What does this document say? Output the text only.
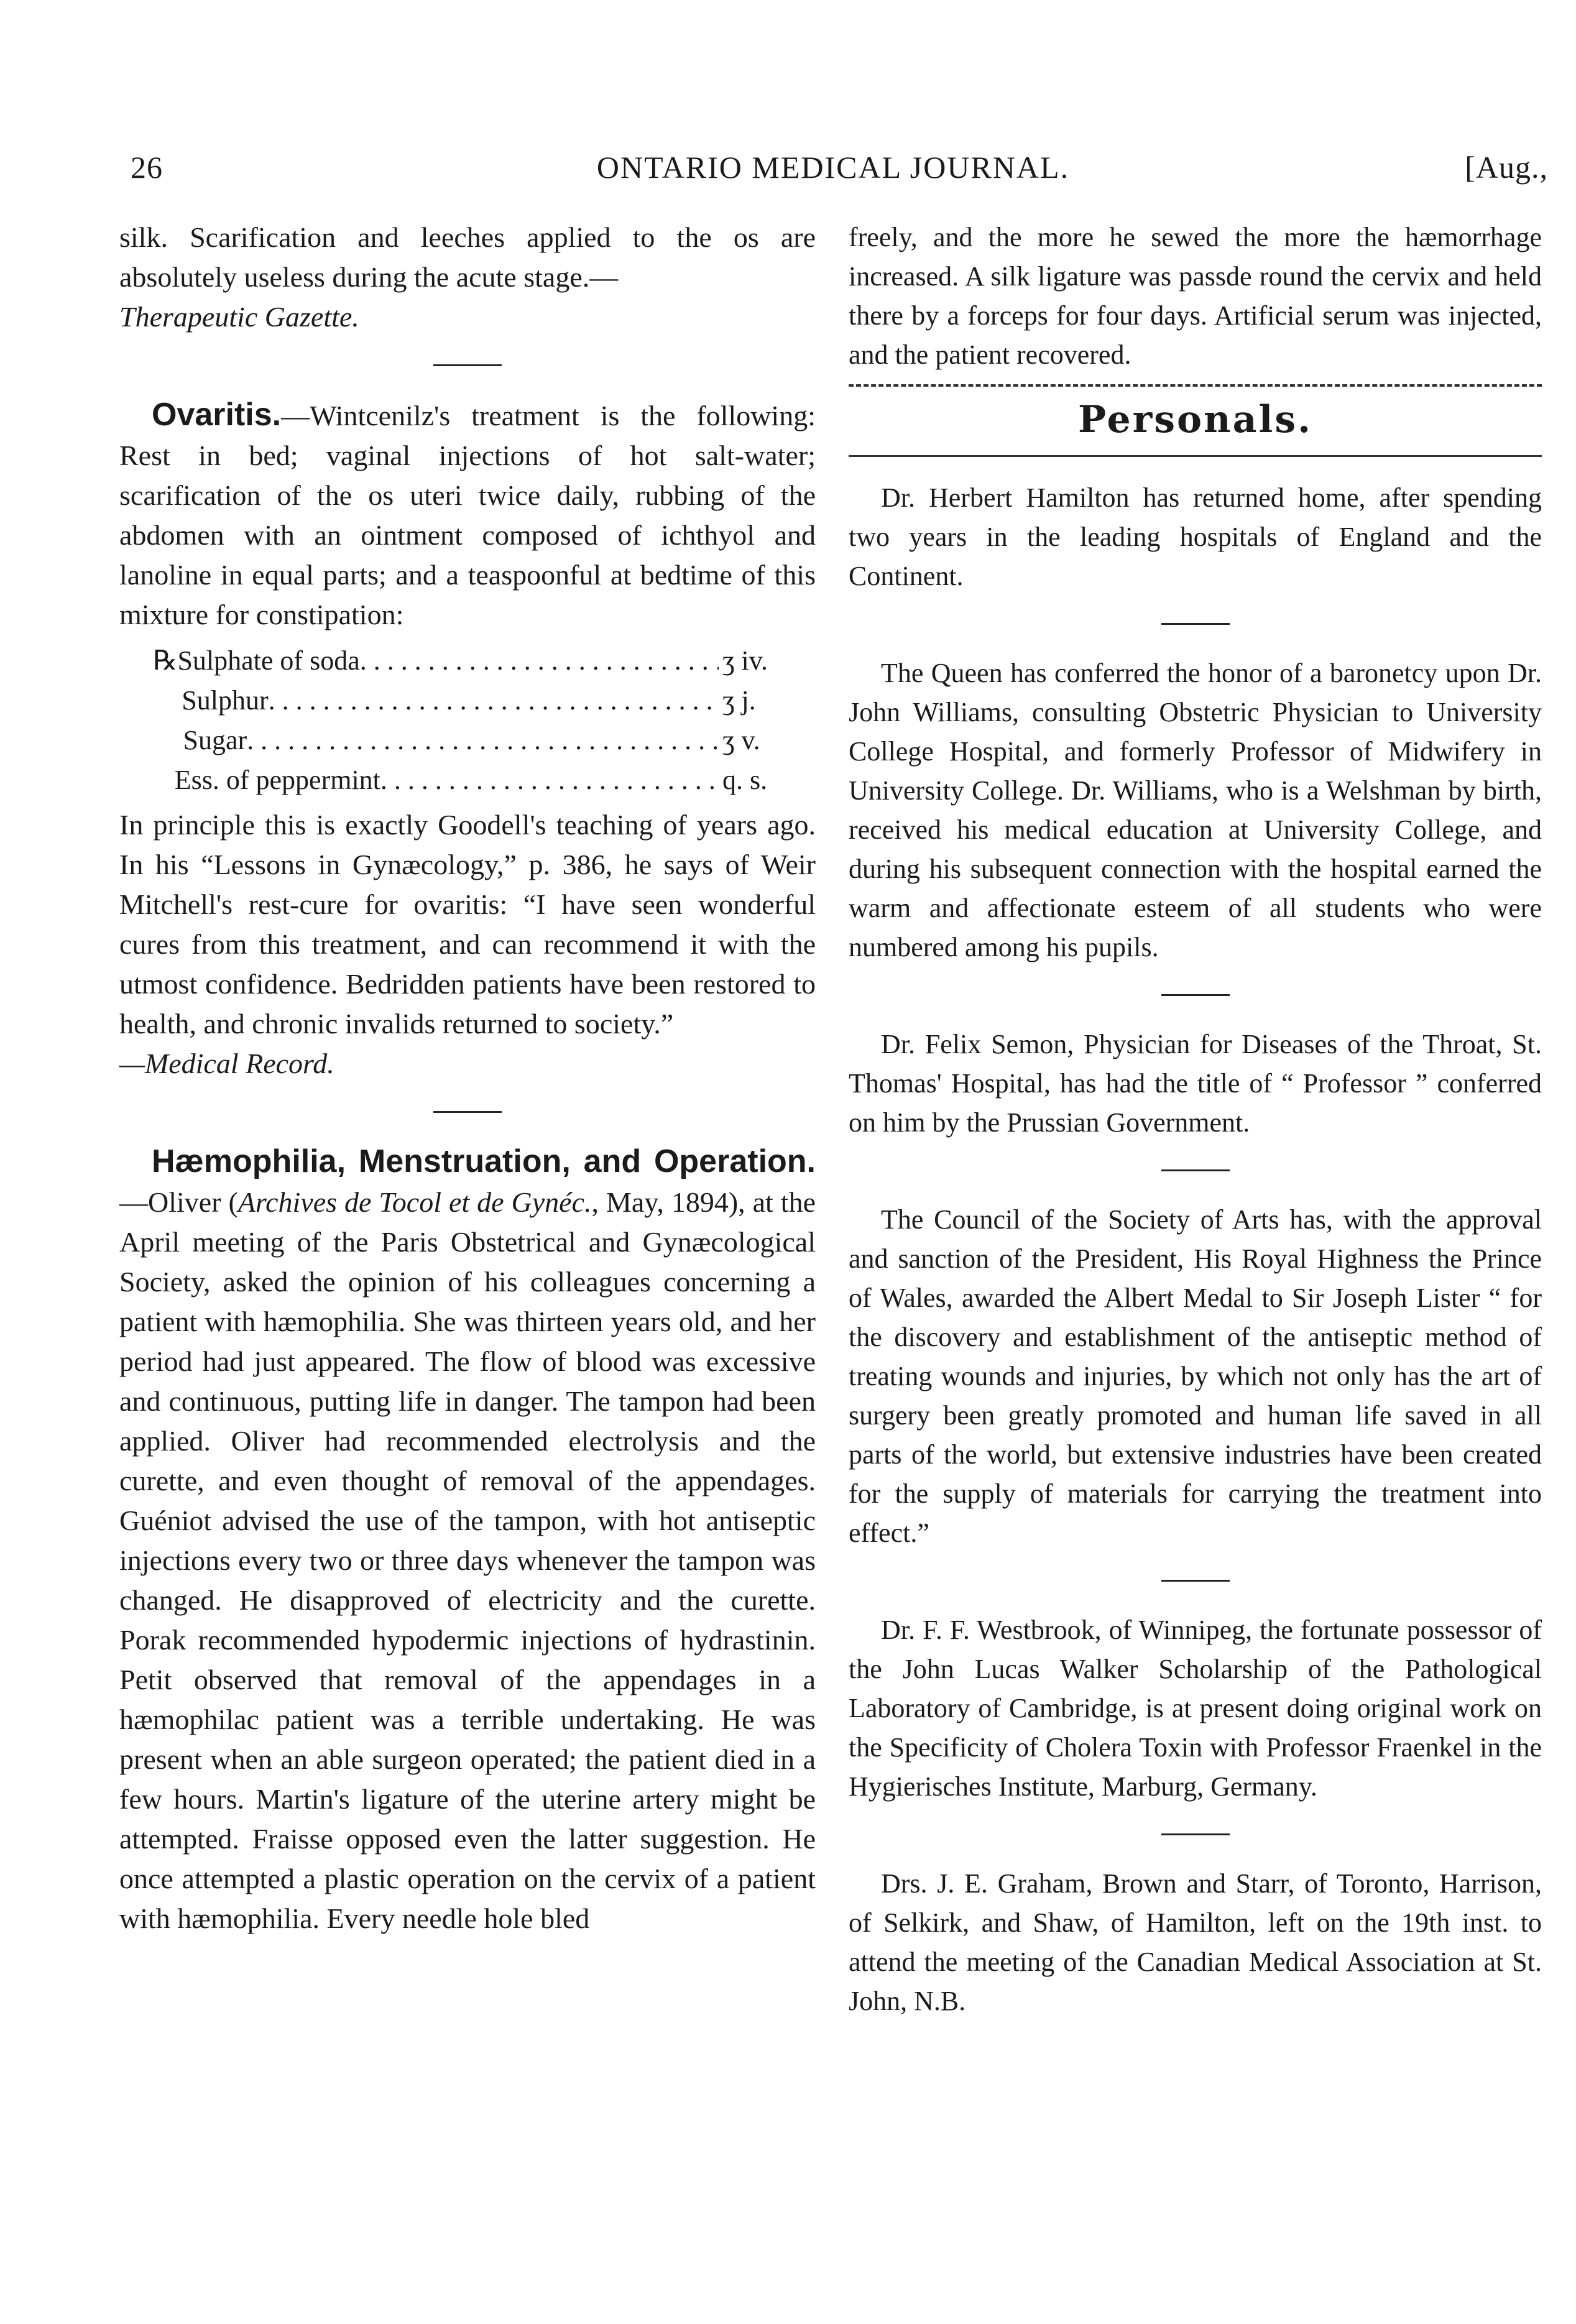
26	ONTARIO MEDICAL JOURNAL.	[Aug.,

silk. Scarification and leeches applied to the os are absolutely useless during the acute stage.—
Therapeutic Gazette.

Ovaritis.—Wintcenilz's treatment is the following: Rest in bed; vaginal injections of hot salt-water; scarification of the os uteri twice daily, rubbing of the abdomen with an ointment composed of ichthyol and lanoline in equal parts; and a teaspoonful at bedtime of this mixture for constipation:

℞ Sulphate of soda . . .	ʒ iv.
Sulphur . . .	ʒ j.
Sugar . . .	ʒ v.
Ess. of peppermint . . .	q. s.

In principle this is exactly Goodell's teaching of years ago. In his “Lessons in Gynæcology,” p. 386, he says of Weir Mitchell's rest-cure for ovaritis: “I have seen wonderful cures from this treatment, and can recommend it with the utmost confidence. Bedridden patients have been restored to health, and chronic invalids returned to society.”
—Medical Record.

Hæmophilia, Menstruation, and Operation.—Oliver (Archives de Tocol et de Gynéc., May, 1894), at the April meeting of the Paris Obstetrical and Gynæcological Society, asked the opinion of his colleagues concerning a patient with hæmophilia. She was thirteen years old, and her period had just appeared. The flow of blood was excessive and continuous, putting life in danger. The tampon had been applied. Oliver had recommended electrolysis and the curette, and even thought of removal of the appendages. Guéniot advised the use of the tampon, with hot antiseptic injections every two or three days whenever the tampon was changed. He disapproved of electricity and the curette. Porak recommended hypodermic injections of hydrastinin. Petit observed that removal of the appendages in a hæmophilac patient was a terrible undertaking. He was present when an able surgeon operated; the patient died in a few hours. Martin's ligature of the uterine artery might be attempted. Fraisse opposed even the latter suggestion. He once attempted a plastic operation on the cervix of a patient with hæmophilia. Every needle hole bled

freely, and the more he sewed the more the hæmorrhage increased. A silk ligature was passde round the cervix and held there by a forceps for four days. Artificial serum was injected, and the patient recovered.

Personals.

Dr. Herbert Hamilton has returned home, after spending two years in the leading hospitals of England and the Continent.

The Queen has conferred the honor of a baronetcy upon Dr. John Williams, consulting Obstetric Physician to University College Hospital, and formerly Professor of Midwifery in University College. Dr. Williams, who is a Welshman by birth, received his medical education at University College, and during his subsequent connection with the hospital earned the warm and affectionate esteem of all students who were numbered among his pupils.

Dr. Felix Semon, Physician for Diseases of the Throat, St. Thomas' Hospital, has had the title of “ Professor ” conferred on him by the Prussian Government.

The Council of the Society of Arts has, with the approval and sanction of the President, His Royal Highness the Prince of Wales, awarded the Albert Medal to Sir Joseph Lister “ for the discovery and establishment of the antiseptic method of treating wounds and injuries, by which not only has the art of surgery been greatly promoted and human life saved in all parts of the world, but extensive industries have been created for the supply of materials for carrying the treatment into effect.”

Dr. F. F. Westbrook, of Winnipeg, the fortunate possessor of the John Lucas Walker Scholarship of the Pathological Laboratory of Cambridge, is at present doing original work on the Specificity of Cholera Toxin with Professor Fraenkel in the Hygierisches Institute, Marburg, Germany.

Drs. J. E. Graham, Brown and Starr, of Toronto, Harrison, of Selkirk, and Shaw, of Hamilton, left on the 19th inst. to attend the meeting of the Canadian Medical Association at St. John, N.B.
